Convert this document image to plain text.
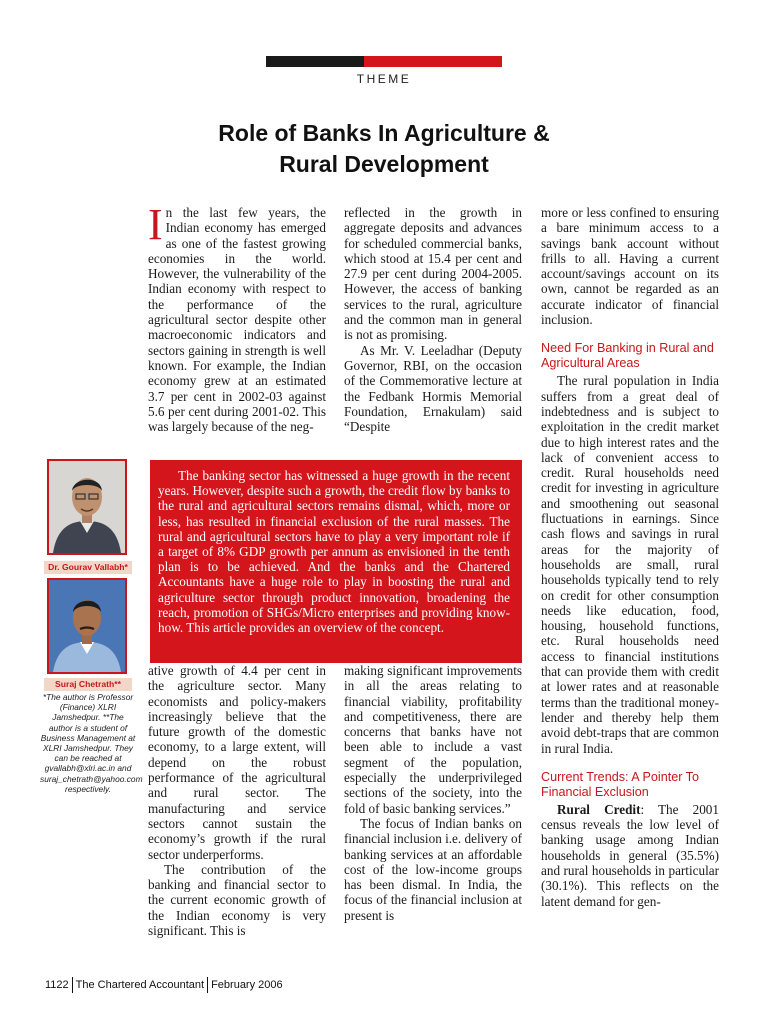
THEME
Role of Banks In Agriculture &
Rural Development

In the last few years, the Indian economy has emerged as one of the fastest growing economies in the world. However, the vulnerability of the Indian economy with respect to the performance of the agricultural sector despite other macroeconomic indicators and sectors gaining in strength is well known. For example, the Indian economy grew at an estimated 3.7 per cent in 2002-03 against 5.6 per cent during 2001-02. This was largely because of the neg-

reflected in the growth in aggregate deposits and advances for scheduled commercial banks, which stood at 15.4 per cent and 27.9 per cent during 2004-2005. However, the access of banking services to the rural, agriculture and the common man in general is not as promising.

As Mr. V. Leeladhar (Deputy Governor, RBI, on the occasion of the Commemorative lecture at the Fedbank Hormis Memorial Foundation, Ernakulam) said “Despite

The banking sector has witnessed a huge growth in the recent years. However, despite such a growth, the credit flow by banks to the rural and agricultural sectors remains dismal, which, more or less, has resulted in financial exclusion of the rural masses. The rural and agricultural sectors have to play a very important role if a target of 8% GDP growth per annum as envisioned in the tenth plan is to be achieved. And the banks and the Chartered Accountants have a huge role to play in boosting the rural and agriculture sector through product innovation, broadening the reach, promotion of SHGs/Micro enterprises and providing know-how. This article provides an overview of the concept.

Dr. Gourav Vallabh*
Suraj Chetrath**
*The author is Professor (Finance) XLRI Jamshedpur. **The author is a student of Business Management at XLRI Jamshedpur. They can be reached at gvallabh@xlri.ac.in and suraj_chetrath@yahoo.com respectively.

ative growth of 4.4 per cent in the agriculture sector. Many economists and policy-makers increasingly believe that the future growth of the domestic economy, to a large extent, will depend on the robust performance of the agricultural and rural sector. The manufacturing and service sectors cannot sustain the economy’s growth if the rural sector underperforms.

The contribution of the banking and financial sector to the current economic growth of the Indian economy is very significant. This is

making significant improvements in all the areas relating to financial viability, profitability and competitiveness, there are concerns that banks have not been able to include a vast segment of the population, especially the underprivileged sections of the society, into the fold of basic banking services.”

The focus of Indian banks on financial inclusion i.e. delivery of banking services at an affordable cost of the low-income groups has been dismal. In India, the focus of the financial inclusion at present is

more or less confined to ensuring a bare minimum access to a savings bank account without frills to all. Having a current account/savings account on its own, cannot be regarded as an accurate indicator of financial inclusion.

Need For Banking in Rural and Agricultural Areas

The rural population in India suffers from a great deal of indebtedness and is subject to exploitation in the credit market due to high interest rates and the lack of convenient access to credit. Rural households need credit for investing in agriculture and smoothening out seasonal fluctuations in earnings. Since cash flows and savings in rural areas for the majority of households are small, rural households typically tend to rely on credit for other consumption needs like education, food, housing, household functions, etc. Rural households need access to financial institutions that can provide them with credit at lower rates and at reasonable terms than the traditional money-lender and thereby help them avoid debt-traps that are common in rural India.

Current Trends: A Pointer To Financial Exclusion

Rural Credit: The 2001 census reveals the low level of banking usage among Indian households in general (35.5%) and rural households in particular (30.1%). This reflects on the latent demand for gen-

1122 The Chartered Accountant February 2006
